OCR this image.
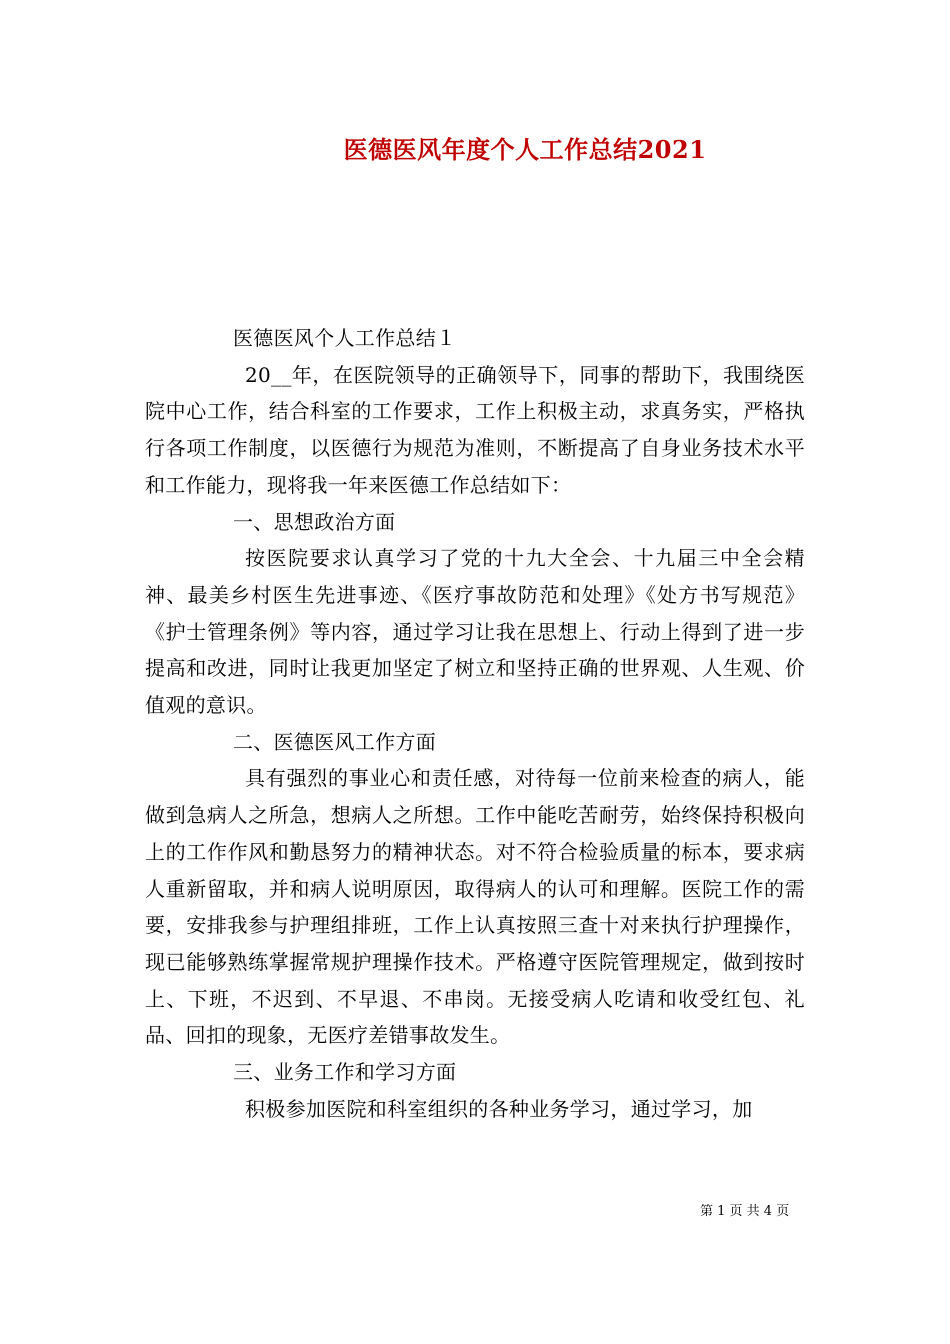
医德医风年度个人工作总结2021

医德医风个人工作总结１

20__年，在医院领导的正确领导下，同事的帮助下，我围绕医院中心工作，结合科室的工作要求，工作上积极主动，求真务实，严格执行各项工作制度，以医德行为规范为准则，不断提高了自身业务技术水平和工作能力，现将我一年来医德工作总结如下：

一、思想政治方面

按医院要求认真学习了党的十九大全会、十九届三中全会精神、最美乡村医生先进事迹、《医疗事故防范和处理》《处方书写规范》《护士管理条例》等内容，通过学习让我在思想上、行动上得到了进一步提高和改进，同时让我更加坚定了树立和坚持正确的世界观、人生观、价值观的意识。

二、医德医风工作方面

具有强烈的事业心和责任感，对待每一位前来检查的病人，能做到急病人之所急，想病人之所想。工作中能吃苦耐劳，始终保持积极向上的工作作风和勤恳努力的精神状态。对不符合检验质量的标本，要求病人重新留取，并和病人说明原因，取得病人的认可和理解。医院工作的需要，安排我参与护理组排班，工作上认真按照三查十对来执行护理操作，现已能够熟练掌握常规护理操作技术。严格遵守医院管理规定，做到按时上、下班，不迟到、不早退、不串岗。无接受病人吃请和收受红包、礼品、回扣的现象，无医疗差错事故发生。

三、业务工作和学习方面

积极参加医院和科室组织的各种业务学习，通过学习，加

第 1 页 共 4 页
